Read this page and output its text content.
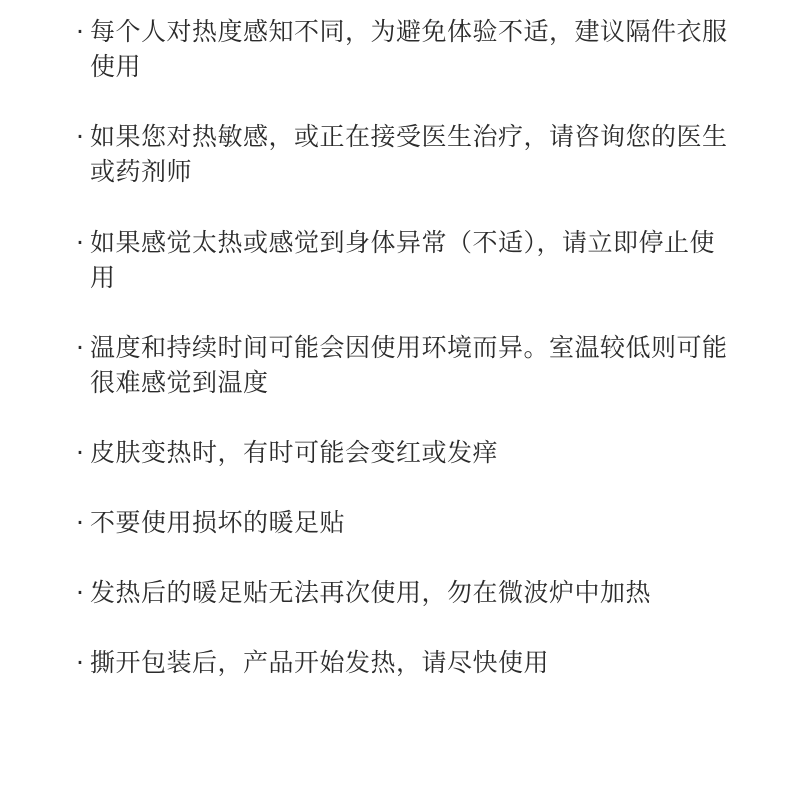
· 每个人对热度感知不同，为避免体验不适，建议隔件衣服使用
· 如果您对热敏感，或正在接受医生治疗，请咨询您的医生或药剂师
· 如果感觉太热或感觉到身体异常（不适），请立即停止使用
· 温度和持续时间可能会因使用环境而异。室温较低则可能很难感觉到温度
· 皮肤变热时，有时可能会变红或发痒
· 不要使用损坏的暖足贴
· 发热后的暖足贴无法再次使用，勿在微波炉中加热
· 撕开包装后，产品开始发热，请尽快使用
